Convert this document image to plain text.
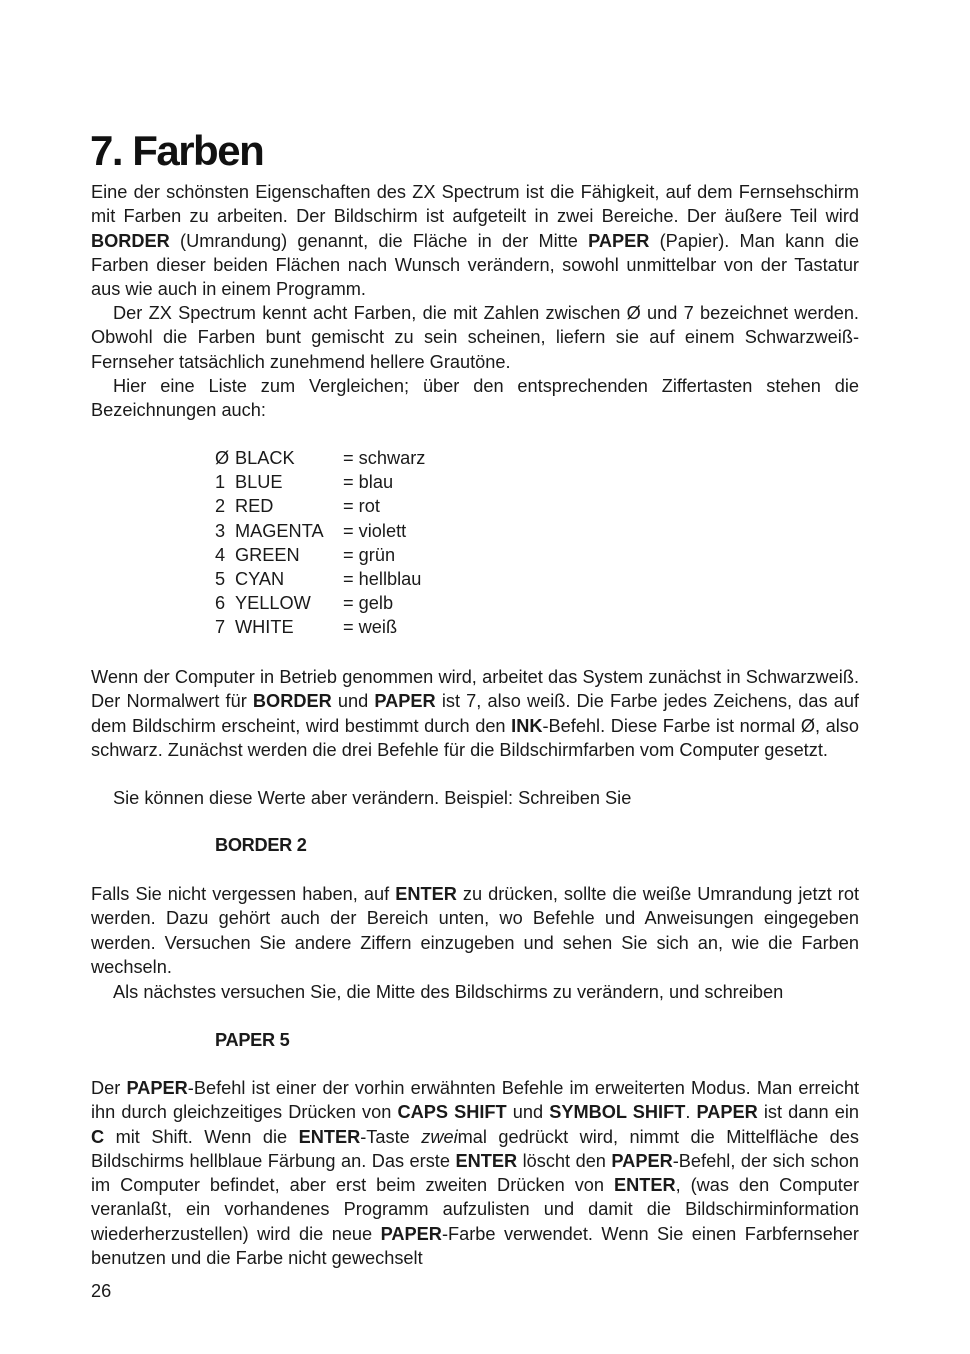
7. Farben

Eine der schönsten Eigenschaften des ZX Spectrum ist die Fähigkeit, auf dem Fernsehschirm mit Farben zu arbeiten. Der Bildschirm ist aufgeteilt in zwei Bereiche. Der äußere Teil wird BORDER (Umrandung) genannt, die Fläche in der Mitte PAPER (Papier). Man kann die Farben dieser beiden Flächen nach Wunsch verändern, sowohl unmittelbar von der Tastatur aus wie auch in einem Programm.

Der ZX Spectrum kennt acht Farben, die mit Zahlen zwischen Ø und 7 bezeichnet werden. Obwohl die Farben bunt gemischt zu sein scheinen, liefern sie auf einem Schwarzweiß-Fernseher tatsächlich zunehmend hellere Grautöne.

Hier eine Liste zum Vergleichen; über den entsprechenden Ziffertasten stehen die Bezeichnungen auch:

Ø BLACK	= schwarz
1 BLUE	= blau
2 RED	= rot
3 MAGENTA	= violett
4 GREEN	= grün
5 CYAN	= hellblau
6 YELLOW	= gelb
7 WHITE	= weiß

Wenn der Computer in Betrieb genommen wird, arbeitet das System zunächst in Schwarzweiß. Der Normalwert für BORDER und PAPER ist 7, also weiß. Die Farbe jedes Zeichens, das auf dem Bildschirm erscheint, wird bestimmt durch den INK-Befehl. Diese Farbe ist normal Ø, also schwarz. Zunächst werden die drei Befehle für die Bildschirmfarben vom Computer gesetzt.

Sie können diese Werte aber verändern. Beispiel: Schreiben Sie

BORDER 2

Falls Sie nicht vergessen haben, auf ENTER zu drücken, sollte die weiße Umrandung jetzt rot werden. Dazu gehört auch der Bereich unten, wo Befehle und Anweisungen eingegeben werden. Versuchen Sie andere Ziffern einzugeben und sehen Sie sich an, wie die Farben wechseln.

Als nächstes versuchen Sie, die Mitte des Bildschirms zu verändern, und schreiben

PAPER 5

Der PAPER-Befehl ist einer der vorhin erwähnten Befehle im erweiterten Modus. Man erreicht ihn durch gleichzeitiges Drücken von CAPS SHIFT und SYMBOL SHIFT. PAPER ist dann ein C mit Shift. Wenn die ENTER-Taste zweimal gedrückt wird, nimmt die Mittelfläche des Bildschirms hellblaue Färbung an. Das erste ENTER löscht den PAPER-Befehl, der sich schon im Computer befindet, aber erst beim zweiten Drücken von ENTER, (was den Computer veranlaßt, ein vorhandenes Programm aufzulisten und damit die Bildschirminformation wiederherzustellen) wird die neue PAPER-Farbe verwendet. Wenn Sie einen Farbfernseher benutzen und die Farbe nicht gewechselt

26
